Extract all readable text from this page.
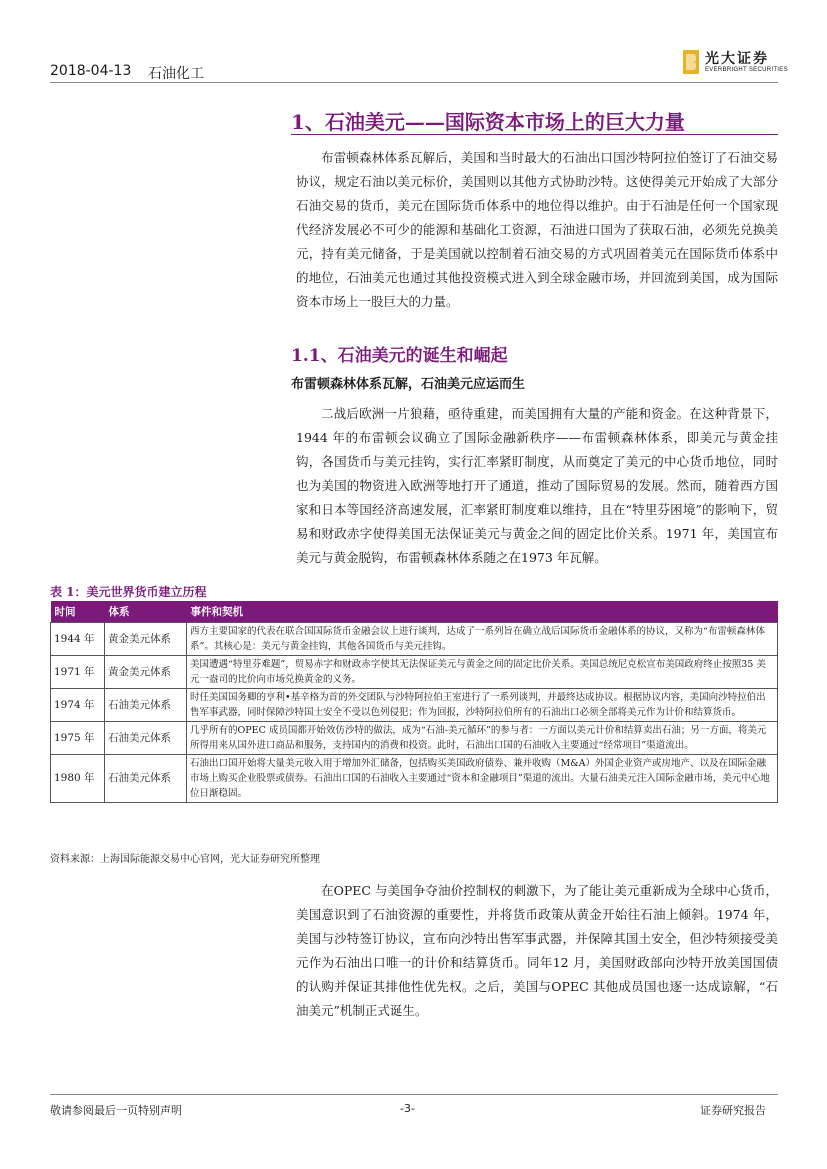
2018-04-13 石油化工
光大证券
EVERBRIGHT SECURITIES
1、石油美元——国际资本市场上的巨大力量

布雷顿森林体系瓦解后，美国和当时最大的石油出口国沙特阿拉伯签订了石油交易协议，规定石油以美元标价，美国则以其他方式协助沙特。这使得美元开始成了大部分石油交易的货币，美元在国际货币体系中的地位得以维护。由于石油是任何一个国家现代经济发展必不可少的能源和基础化工资源，石油进口国为了获取石油，必须先兑换美元，持有美元储备，于是美国就以控制着石油交易的方式巩固着美元在国际货币体系中的地位，石油美元也通过其他投资模式进入到全球金融市场，并回流到美国，成为国际资本市场上一股巨大的力量。

1.1、石油美元的诞生和崛起
布雷顿森林体系瓦解，石油美元应运而生

二战后欧洲一片狼藉，亟待重建，而美国拥有大量的产能和资金。在这种背景下，1944 年的布雷顿会议确立了国际金融新秩序——布雷顿森林体系，即美元与黄金挂钩，各国货币与美元挂钩，实行汇率紧盯制度，从而奠定了美元的中心货币地位，同时也为美国的物资进入欧洲等地打开了通道，推动了国际贸易的发展。然而，随着西方国家和日本等国经济高速发展，汇率紧盯制度难以维持，且在“特里芬困境”的影响下，贸易和财政赤字使得美国无法保证美元与黄金之间的固定比价关系。1971 年，美国宣布美元与黄金脱钩，布雷顿森林体系随之在1973 年瓦解。

表 1：美元世界货币建立历程
时间	体系	事件和契机
1944 年	黄金美元体系	西方主要国家的代表在联合国国际货币金融会议上进行谈判，达成了一系列旨在确立战后国际货币金融体系的协议，又称为“布雷顿森林体系”。其核心是：美元与黄金挂钩，其他各国货币与美元挂钩。
1971 年	黄金美元体系	美国遭遇“特里芬难题”，贸易赤字和财政赤字使其无法保证美元与黄金之间的固定比价关系。美国总统尼克松宣布美国政府终止按照35 美元一盎司的比价向市场兑换黄金的义务。
1974 年	石油美元体系	时任美国国务卿的亨利•基辛格为首的外交团队与沙特阿拉伯王室进行了一系列谈判，并最终达成协议。根据协议内容，美国向沙特拉伯出售军事武器，同时保障沙特国土安全不受以色列侵犯；作为回报，沙特阿拉伯所有的石油出口必须全部将美元作为计价和结算货币。
1975 年	石油美元体系	几乎所有的OPEC 成员国都开始效仿沙特的做法，成为“石油-美元循环”的参与者：一方面以美元计价和结算卖出石油；另一方面，将美元所得用来从国外进口商品和服务，支持国内的消费和投资。此时，石油出口国的石油收入主要通过“经常项目”渠道流出。
1980 年	石油美元体系	石油出口国开始将大量美元收入用于增加外汇储备，包括购买美国政府债券、兼并收购（M&A）外国企业资产或房地产、以及在国际金融市场上购买企业股票或债券。石油出口国的石油收入主要通过“资本和金融项目”渠道的流出。大量石油美元注入国际金融市场，美元中心地位日渐稳固。
资料来源：上海国际能源交易中心官网，光大证券研究所整理

在OPEC 与美国争夺油价控制权的刺激下，为了能让美元重新成为全球中心货币，美国意识到了石油资源的重要性，并将货币政策从黄金开始往石油上倾斜。1974 年，美国与沙特签订协议，宣布向沙特出售军事武器，并保障其国土安全，但沙特须接受美元作为石油出口唯一的计价和结算货币。同年12 月，美国财政部向沙特开放美国国债的认购并保证其排他性优先权。之后，美国与OPEC 其他成员国也逐一达成谅解，“石油美元”机制正式诞生。

敬请参阅最后一页特别声明	-3-	证券研究报告
